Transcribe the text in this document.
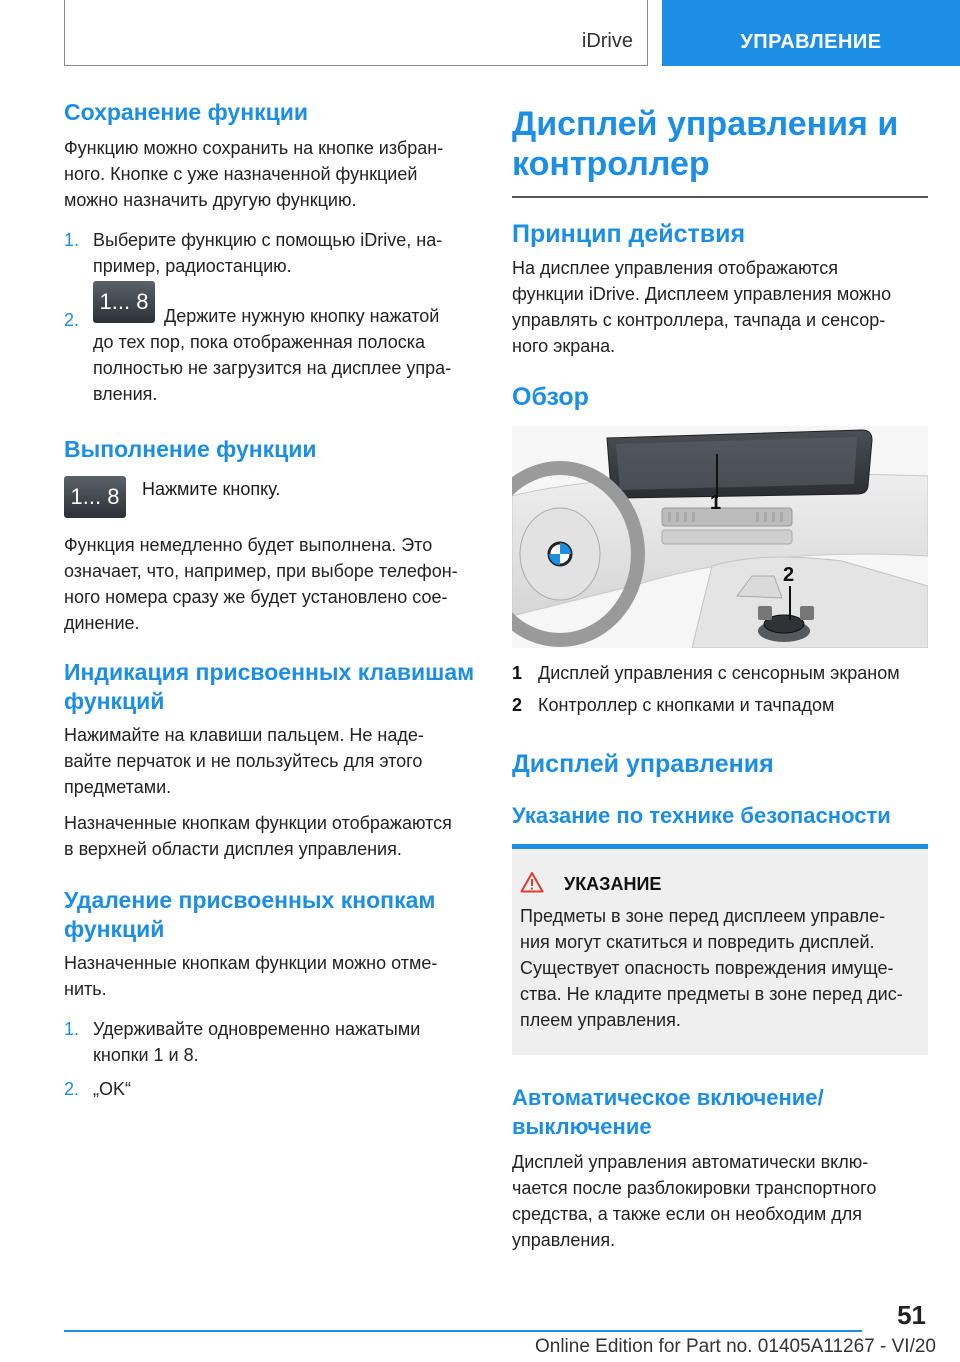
iDrive	УПРАВЛЕНИЕ
Сохранение функции

Функцию можно сохранить на кнопке избран-

ного. Кнопке с уже назначенной функцией

можно назначить другую функцию.

1. Выберите функцию с помощью iDrive, на-
пример, радиостанцию.
2.
1... 8
Держите нужную кнопку нажатой
до тех пор, пока отображенная полоска
полностью не загрузится на дисплее упра-
вления.
Выполнение функции
1... 8	Нажмите кнопку.

Функция немедленно будет выполнена. Это

означает, что, например, при выборе телефон-

ного номера сразу же будет установлено сое-

динение.

Индикация присвоенных клавишам
функций

Нажимайте на клавиши пальцем. Не наде-

вайте перчаток и не пользуйтесь для этого

предметами.

Назначенные кнопкам функции отображаются

в верхней области дисплея управления.

Удаление присвоенных кнопкам
функций

Назначенные кнопкам функции можно отме-

нить.

1. Удерживайте одновременно нажатыми
кнопки 1 и 8.
2. „OK“
Дисплей управления и
контроллер
Принцип действия

На дисплее управления отображаются

функции iDrive. Дисплеем управления можно

управлять с контроллера, тачпада и сенсор-

ного экрана.

Обзор
1
2
1 Дисплей управления с сенсорным экраном
2 Контроллер с кнопками и тачпадом
Дисплей управления
Указание по технике безопасности
УКАЗАНИЕ

Предметы в зоне перед дисплеем управле-

ния могут скатиться и повредить дисплей.

Существует опасность повреждения имуще-

ства. Не кладите предметы в зоне перед дис-

плеем управления.

Автоматическое включение/
выключение

Дисплей управления автоматически вклю-

чается после разблокировки транспортного

средства, а также если он необходим для

управления.

51
Online Edition for Part no. 01405A11267 - VI/20
